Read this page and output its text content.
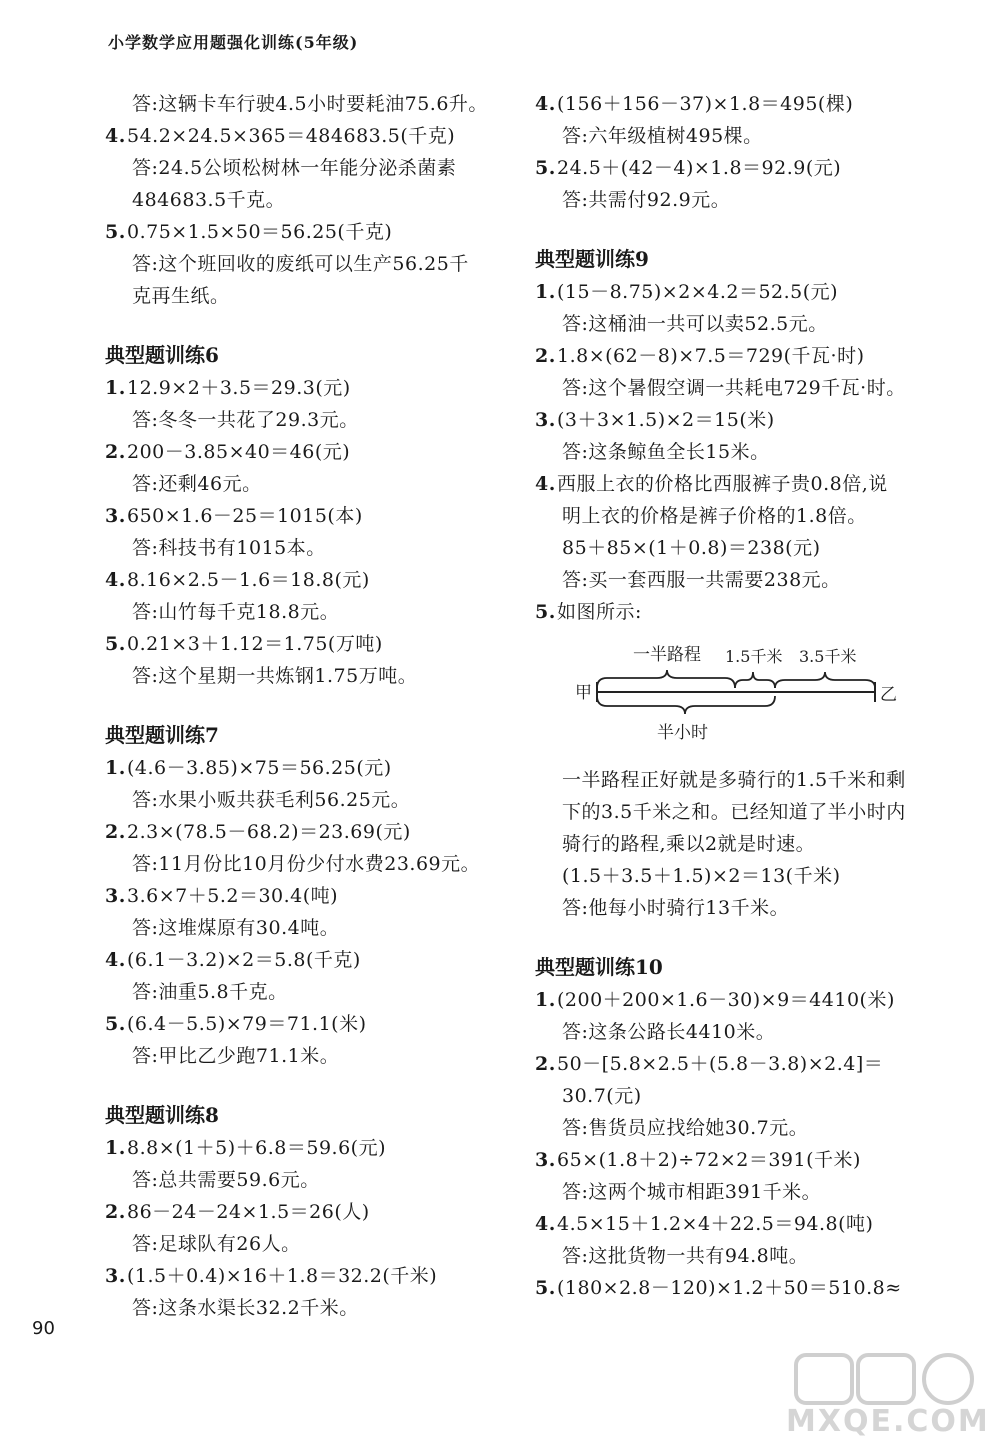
小学数学应用题强化训练(5年级)
答:这辆卡车行驶4.5小时要耗油75.6升。
4.54.2×24.5×365＝484683.5(千克)
答:24.5公顷松树林一年能分泌杀菌素
484683.5千克。
5.0.75×1.5×50＝56.25(千克)
答:这个班回收的废纸可以生产56.25千
克再生纸。
典型题训练6
1.12.9×2＋3.5＝29.3(元)
答:冬冬一共花了29.3元。
2.200－3.85×40＝46(元)
答:还剩46元。
3.650×1.6－25＝1015(本)
答:科技书有1015本。
4.8.16×2.5－1.6＝18.8(元)
答:山竹每千克18.8元。
5.0.21×3＋1.12＝1.75(万吨)
答:这个星期一共炼钢1.75万吨。
典型题训练7
1.(4.6－3.85)×75＝56.25(元)
答:水果小贩共获毛利56.25元。
2.2.3×(78.5－68.2)＝23.69(元)
答:11月份比10月份少付水费23.69元。
3.3.6×7＋5.2＝30.4(吨)
答:这堆煤原有30.4吨。
4.(6.1－3.2)×2＝5.8(千克)
答:油重5.8千克。
5.(6.4－5.5)×79＝71.1(米)
答:甲比乙少跑71.1米。
典型题训练8
1.8.8×(1＋5)＋6.8＝59.6(元)
答:总共需要59.6元。
2.86－24－24×1.5＝26(人)
答:足球队有26人。
3.(1.5＋0.4)×16＋1.8＝32.2(千米)
答:这条水渠长32.2千米。
4.(156＋156－37)×1.8＝495(棵)
答:六年级植树495棵。
5.24.5＋(42－4)×1.8＝92.9(元)
答:共需付92.9元。
典型题训练9
1.(15－8.75)×2×4.2＝52.5(元)
答:这桶油一共可以卖52.5元。
2.1.8×(62－8)×7.5＝729(千瓦·时)
答:这个暑假空调一共耗电729千瓦·时。
3.(3＋3×1.5)×2＝15(米)
答:这条鲸鱼全长15米。
4.西服上衣的价格比西服裤子贵0.8倍,说
明上衣的价格是裤子价格的1.8倍。
85＋85×(1＋0.8)＝238(元)
答:买一套西服一共需要238元。
5.如图所示:
一半路程 1.5千米 3.5千米
甲	乙
半小时
一半路程正好就是多骑行的1.5千米和剩
下的3.5千米之和。已经知道了半小时内
骑行的路程,乘以2就是时速。
(1.5＋3.5＋1.5)×2＝13(千米)
答:他每小时骑行13千米。
典型题训练10
1.(200＋200×1.6－30)×9＝4410(米)
答:这条公路长4410米。
2.50－[5.8×2.5＋(5.8－3.8)×2.4]＝
30.7(元)
答:售货员应找给她30.7元。
3.65×(1.8＋2)÷72×2＝391(千米)
答:这两个城市相距391千米。
4.4.5×15＋1.2×4＋22.5＝94.8(吨)
答:这批货物一共有94.8吨。
5.(180×2.8－120)×1.2＋50＝510.8≈
90
MXQE.COM
